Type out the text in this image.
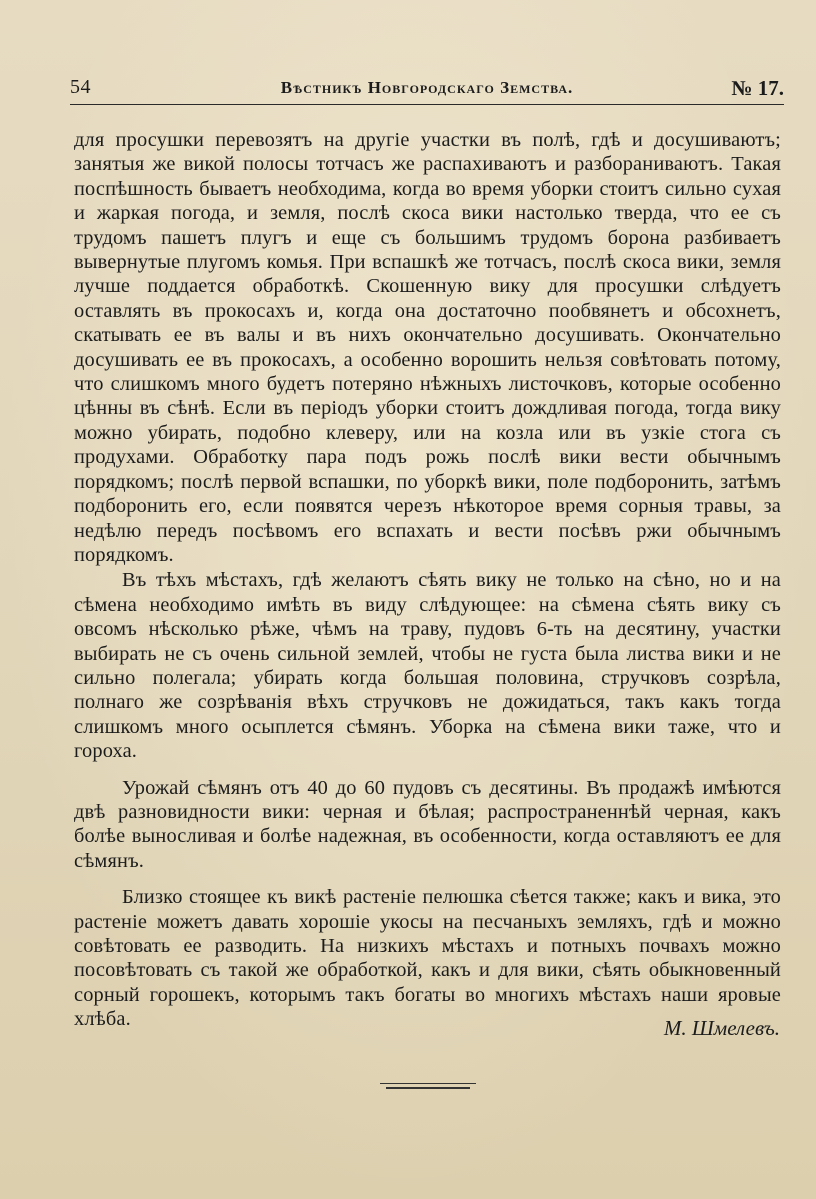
54	Вѣстникъ Новгородскаго Земства.	№ 17.

для просушки перевозятъ на другіе участки въ полѣ, гдѣ и досушиваютъ; занятыя же викой полосы тотчасъ же распахиваютъ и разбораниваютъ. Такая поспѣшность бываетъ необходима, когда во время уборки стоитъ сильно сухая и жаркая погода, и земля, послѣ скоса вики настолько тверда, что ее съ трудомъ пашетъ плугъ и еще съ большимъ трудомъ борона разбиваетъ вывернутые плугомъ комья. При вспашкѣ же тотчасъ, послѣ скоса вики, земля лучше поддается обработкѣ. Скошенную вику для просушки слѣдуетъ оставлять въ прокосахъ и, когда она достаточно пообвянетъ и обсохнетъ, скатывать ее въ валы и въ нихъ окончательно досушивать. Окончательно досушивать ее въ прокосахъ, а особенно ворошить нельзя совѣтовать потому, что слишкомъ много будетъ потеряно нѣжныхъ листочковъ, которые особенно цѣнны въ сѣнѣ. Если въ періодъ уборки стоитъ дождливая погода, тогда вику можно убирать, подобно клеверу, или на козла или въ узкіе стога съ продухами. Обработку пара подъ рожь послѣ вики вести обычнымъ порядкомъ; послѣ первой вспашки, по уборкѣ вики, поле подборонить, затѣмъ подборонить его, если появятся черезъ нѣкоторое время сорныя травы, за недѣлю передъ посѣвомъ его вспахать и вести посѣвъ ржи обычнымъ порядкомъ.

Въ тѣхъ мѣстахъ, гдѣ желаютъ сѣять вику не только на сѣно, но и на сѣмена необходимо имѣть въ виду слѣдующее: на сѣмена сѣять вику съ овсомъ нѣсколько рѣже, чѣмъ на траву, пудовъ 6-ть на десятину, участки выбирать не съ очень сильной землей, чтобы не густа была листва вики и не сильно полегала; убирать когда большая половина, стручковъ созрѣла, полнаго же созрѣванія вѣхъ стручковъ не дожидаться, такъ какъ тогда слишкомъ много осыплется сѣмянъ. Уборка на сѣмена вики таже, что и гороха.

Урожай сѣмянъ отъ 40 до 60 пудовъ съ десятины. Въ продажѣ имѣются двѣ разновидности вики: черная и бѣлая; распространеннѣй черная, какъ болѣе выносливая и болѣе надежная, въ особенности, когда оставляютъ ее для сѣмянъ.

Близко стоящее къ викѣ растеніе пелюшка сѣется также; какъ и вика, это растеніе можетъ давать хорошіе укосы на песчаныхъ земляхъ, гдѣ и можно совѣтовать ее разводить. На низкихъ мѣстахъ и потныхъ почвахъ можно посовѣтовать съ такой же обработкой, какъ и для вики, сѣять обыкновенный сорный горошекъ, которымъ такъ богаты во многихъ мѣстахъ наши яровые хлѣба.	М. Шмелевъ.
